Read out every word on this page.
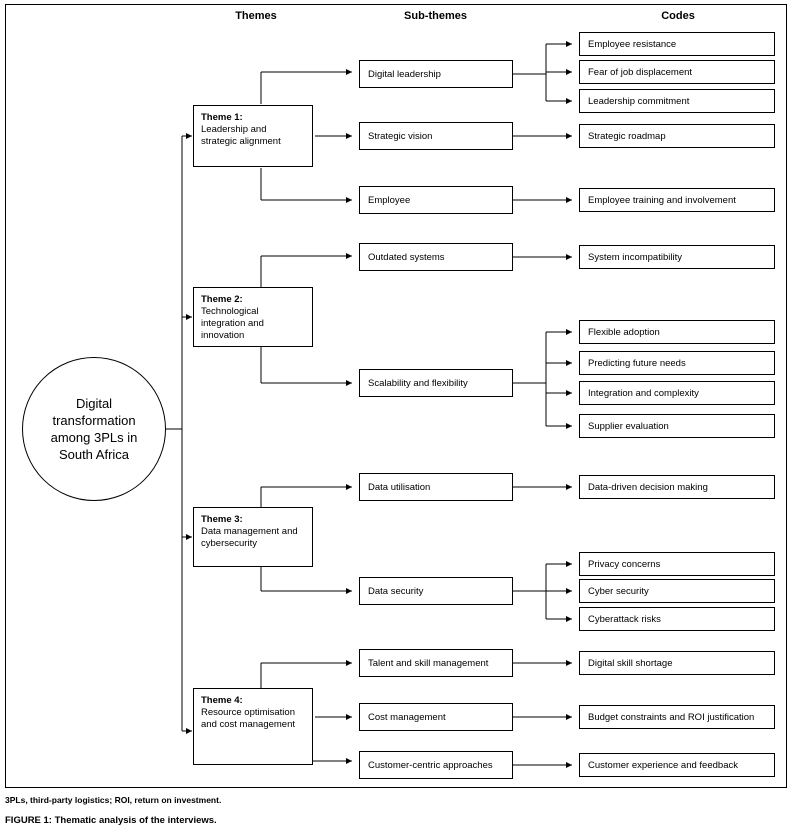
Themes	Sub-themes	Codes
Digital transformation among 3PLs in South Africa
Theme 1:
Leadership and strategic alignment
Theme 2:
Technological integration and innovation
Theme 3:
Data management and cybersecurity
Theme 4:
Resource optimisation and cost management
Digital leadership
Strategic vision
Employee
Outdated systems
Scalability and flexibility
Data utilisation
Data security
Talent and skill management
Cost management
Customer-centric approaches
Employee resistance
Fear of job displacement
Leadership commitment
Strategic roadmap
Employee training and involvement
System incompatibility
Flexible adoption
Predicting future needs
Integration and complexity
Supplier evaluation
Data-driven decision making
Privacy concerns
Cyber security
Cyberattack risks
Digital skill shortage
Budget constraints and ROI justification
Customer experience and feedback
3PLs, third-party logistics; ROI, return on investment.
FIGURE 1: Thematic analysis of the interviews.
